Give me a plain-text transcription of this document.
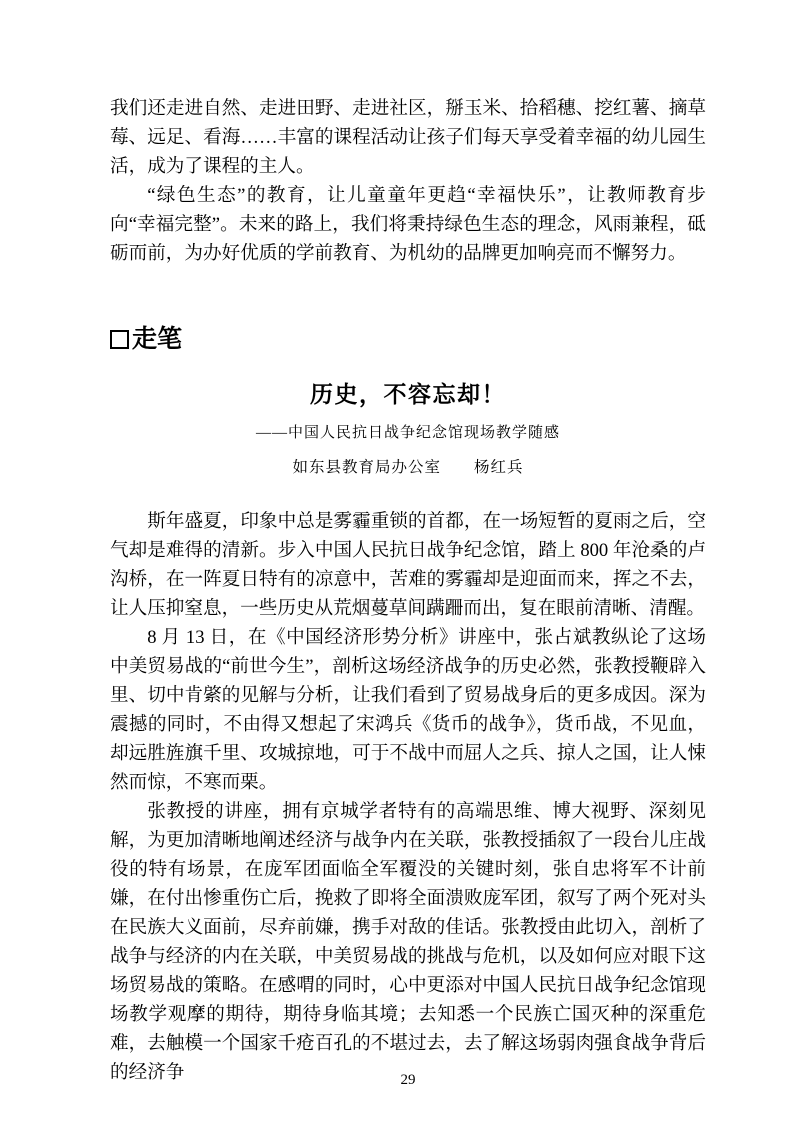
我们还走进自然、走进田野、走进社区，掰玉米、拾稻穗、挖红薯、摘草莓、远足、看海……丰富的课程活动让孩子们每天享受着幸福的幼儿园生活，成为了课程的主人。

“绿色生态”的教育，让儿童童年更趋“幸福快乐”，让教师教育步向“幸福完整”。未来的路上，我们将秉持绿色生态的理念，风雨兼程，砥砺而前，为办好优质的学前教育、为机幼的品牌更加响亮而不懈努力。

走笔
历史，不容忘却！
——中国人民抗日战争纪念馆现场教学随感
如东县教育局办公室　　杨红兵

斯年盛夏，印象中总是雾霾重锁的首都，在一场短暂的夏雨之后，空气却是难得的清新。步入中国人民抗日战争纪念馆，踏上 800 年沧桑的卢沟桥，在一阵夏日特有的凉意中，苦难的雾霾却是迎面而来，挥之不去，让人压抑窒息，一些历史从荒烟蔓草间蹒跚而出，复在眼前清晰、清醒。

8 月 13 日，在《中国经济形势分析》讲座中，张占斌教纵论了这场中美贸易战的“前世今生”，剖析这场经济战争的历史必然，张教授鞭辟入里、切中肯綮的见解与分析，让我们看到了贸易战身后的更多成因。深为震撼的同时，不由得又想起了宋鸿兵《货币的战争》，货币战，不见血，却远胜旌旗千里、攻城掠地，可于不战中而屈人之兵、掠人之国，让人悚然而惊，不寒而栗。

张教授的讲座，拥有京城学者特有的高端思维、博大视野、深刻见解，为更加清晰地阐述经济与战争内在关联，张教授插叙了一段台儿庄战役的特有场景，在庞军团面临全军覆没的关键时刻，张自忠将军不计前嫌，在付出惨重伤亡后，挽救了即将全面溃败庞军团，叙写了两个死对头在民族大义面前，尽弃前嫌，携手对敌的佳话。张教授由此切入，剖析了战争与经济的内在关联，中美贸易战的挑战与危机，以及如何应对眼下这场贸易战的策略。在感喟的同时，心中更添对中国人民抗日战争纪念馆现场教学观摩的期待，期待身临其境；去知悉一个民族亡国灭种的深重危难，去触模一个国家千疮百孔的不堪过去，去了解这场弱肉强食战争背后的经济争	29
